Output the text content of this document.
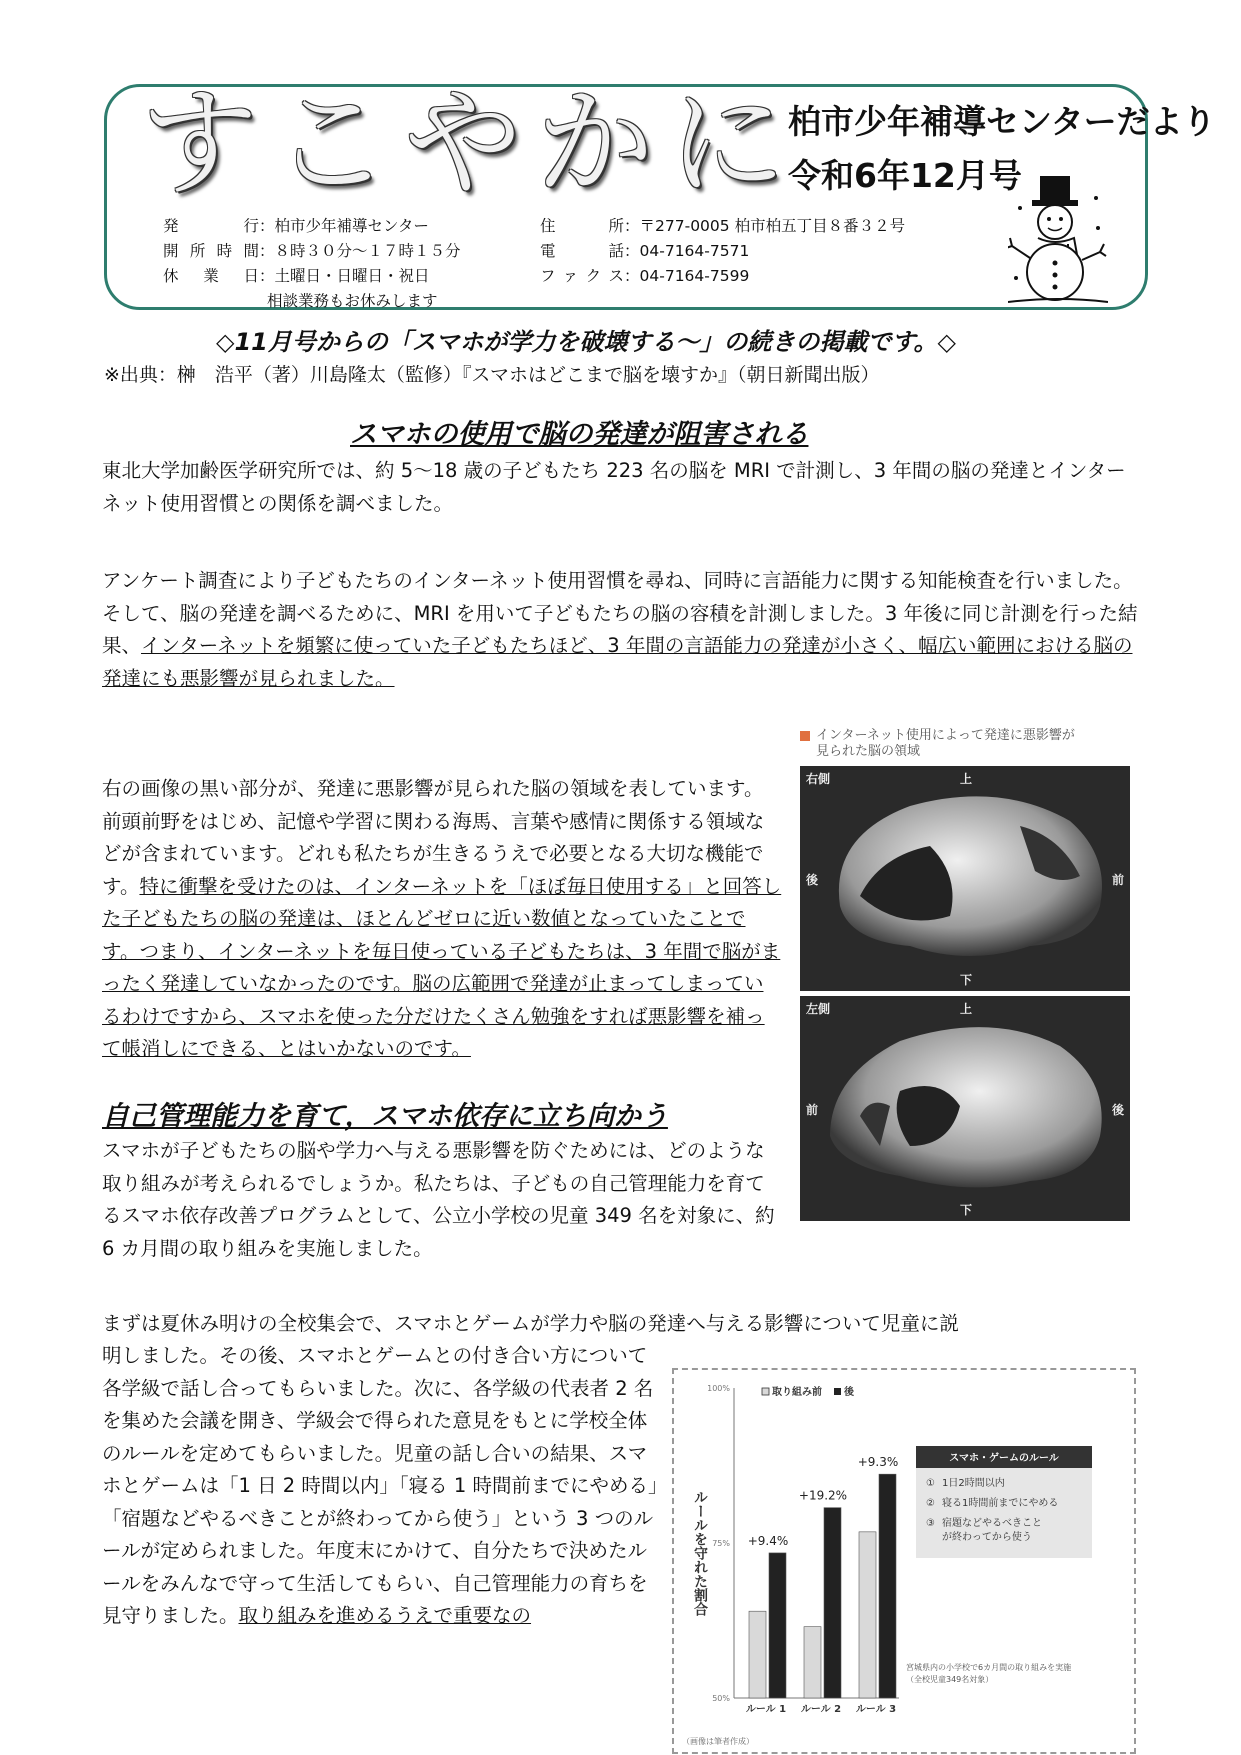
すこやかに
柏市少年補導センターだより
令和6年12月号
発行 ： 柏市少年補導センター
開所時間 ： ８時３０分～１７時１５分
休業日 ： 土曜日・日曜日・祝日
相談業務もお休みします
住所 ： 〒277-0005 柏市柏五丁目８番３２号
電話 ： 04-7164-7571
ファクス ： 04-7164-7599
◇11月号からの「スマホが学力を破壊する～」の続きの掲載です。◇
※出典：榊　浩平（著）川島隆太（監修）『スマホはどこまで脳を壊すか』（朝日新聞出版）
スマホの使用で脳の発達が阻害される

東北大学加齢医学研究所では、約 5～18 歳の子どもたち 223 名の脳を MRI で計測し、3 年間の脳の発達とインターネット使用習慣との関係を調べました。

アンケート調査により子どもたちのインターネット使用習慣を尋ね、同時に言語能力に関する知能検査を行いました。そして、脳の発達を調べるために、MRI を用いて子どもたちの脳の容積を計測しました。3 年後に同じ計測を行った結果、インターネットを頻繁に使っていた子どもたちほど、3 年間の言語能力の発達が小さく、幅広い範囲における脳の発達にも悪影響が見られました。

右の画像の黒い部分が、発達に悪影響が見られた脳の領域を表しています。前頭前野をはじめ、記憶や学習に関わる海馬、言葉や感情に関係する領域などが含まれています。どれも私たちが生きるうえで必要となる大切な機能です。特に衝撃を受けたのは、インターネットを「ほぼ毎日使用する」と回答した子どもたちの脳の発達は、ほとんどゼロに近い数値となっていたことです。つまり、インターネットを毎日使っている子どもたちは、3 年間で脳がまったく発達していなかったのです。脳の広範囲で発達が止まってしまっているわけですから、スマホを使った分だけたくさん勉強をすれば悪影響を補って帳消しにできる、とはいかないのです。

インターネット使用によって発達に悪影響が見られた脳の領域
右側	上
後	前
下
左側	上
前	後
下
自己管理能力を育て，スマホ依存に立ち向かう

スマホが子どもたちの脳や学力へ与える悪影響を防ぐためには、どのような取り組みが考えられるでしょうか。私たちは、子どもの自己管理能力を育てるスマホ依存改善プログラムとして、公立小学校の児童 349 名を対象に、約 6 カ月間の取り組みを実施しました。

まずは夏休み明けの全校集会で、スマホとゲームが学力や脳の発達へ与える影響について児童に説

明しました。その後、スマホとゲームとの付き合い方について各学級で話し合ってもらいました。次に、各学級の代表者 2 名を集めた会議を開き、学級会で得られた意見をもとに学校全体のルールを定めてもらいました。児童の話し合いの結果、スマホとゲームは「1 日 2 時間以内」「寝る 1 時間前までにやめる」「宿題などやるべきことが終わってから使う」という 3 つのルールが定められました。年度末にかけて、自分たちで決めたルールをみんなで守って生活してもらい、自己管理能力の育ちを見守りました。取り組みを進めるうえで重要なの

50%
75%
100%
ルールを守れた割合
取り組み前 後
+9.4%
ルール 1
+19.2%
ルール 2
+9.3%
ルール 3
スマホ・ゲームのルール
① 1日2時間以内
② 寝る1時間前までにやめる
③ 宿題などやるべきことが終わってから使う
宮城県内の小学校で6カ月間の取り組みを実施（全校児童349名対象）
（画像は筆者作成）
